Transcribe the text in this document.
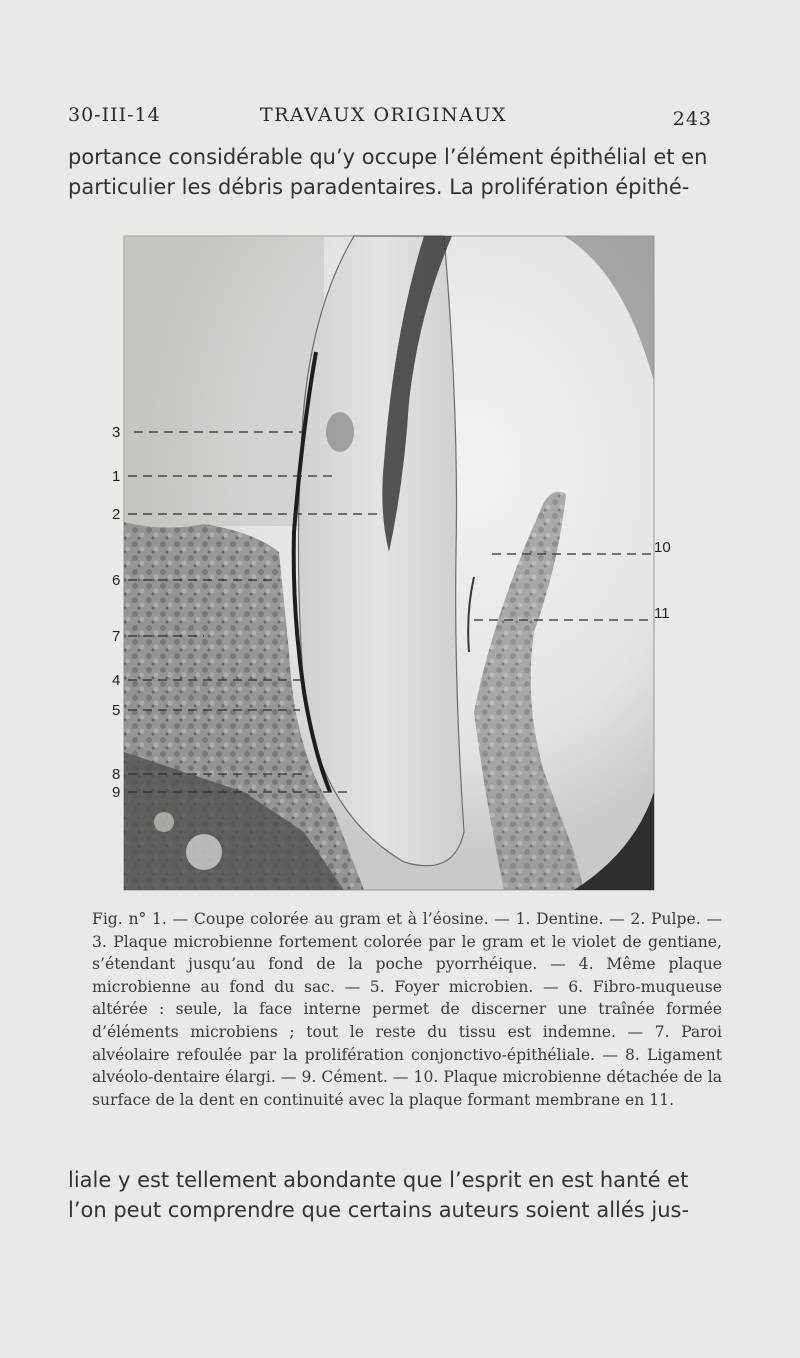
30-III-14	TRAVAUX ORIGINAUX	243
portance considérable qu’y occupe l’élément épithélial et en
particulier les débris paradentaires. La prolifération épithé-
3
1
2
6
7
4
5
8
9
10
11
Fig. n° 1. — Coupe colorée au gram et à l’éosine. — 1. Dentine. — 2. Pulpe. — 3. Plaque microbienne fortement colorée par le gram et le violet de gentiane, s’étendant jusqu’au fond de la poche pyorrhéique. — 4. Même plaque microbienne au fond du sac. — 5. Foyer microbien. — 6. Fibro-muqueuse altérée : seule, la face interne permet de discerner une traînée formée d’éléments microbiens ; tout le reste du tissu est indemne. — 7. Paroi alvéolaire refoulée par la prolifération conjonctivo-épithéliale. — 8. Ligament alvéolo-dentaire élargi. — 9. Cément. — 10. Plaque microbienne détachée de la surface de la dent en continuité avec la plaque formant membrane en 11.
liale y est tellement abondante que l’esprit en est hanté et
l’on peut comprendre que certains auteurs soient allés jus-
